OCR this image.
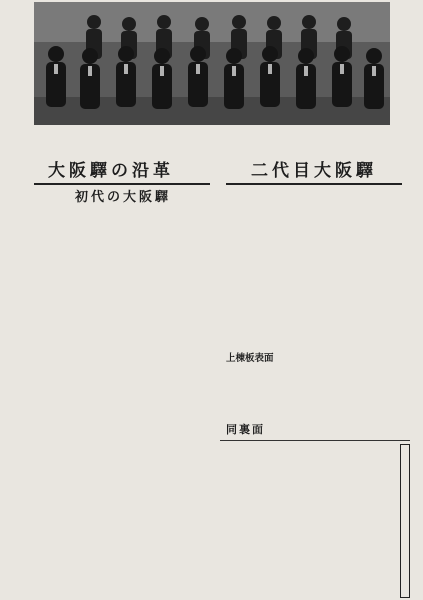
大阪驛の沿革
初代の大阪驛
二代目大阪驛

上棟板表面
同裏面
